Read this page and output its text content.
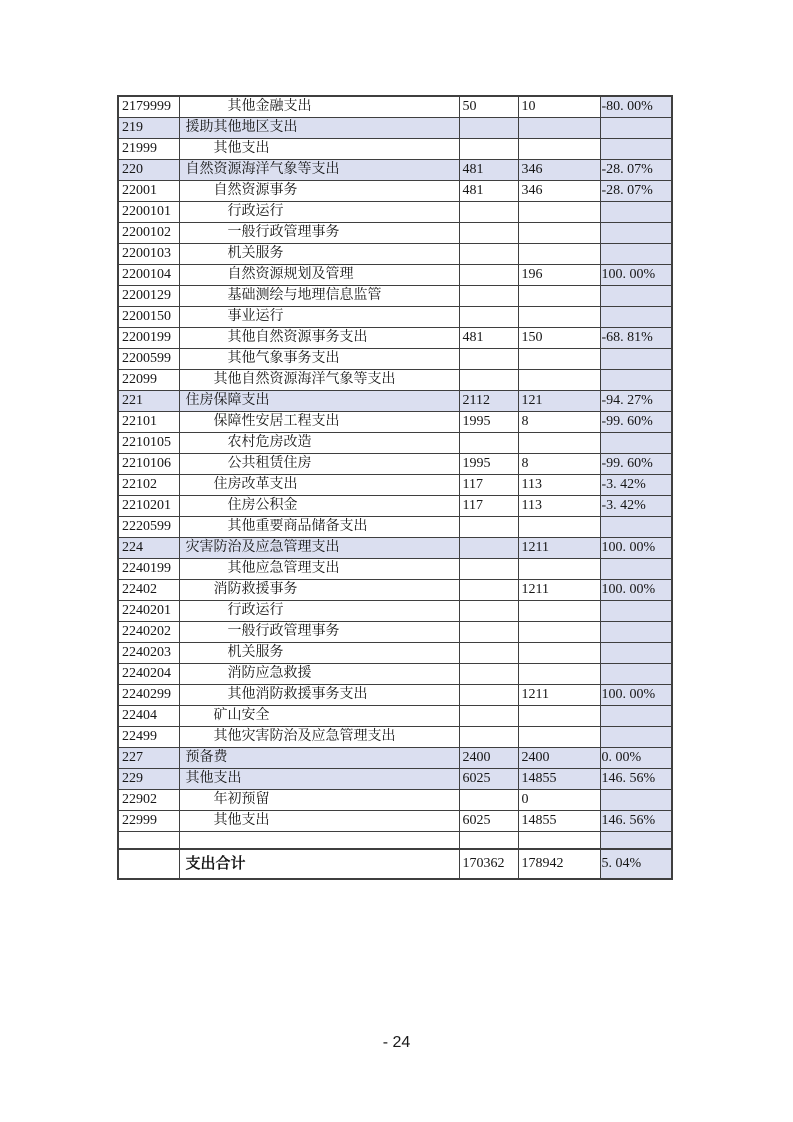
2179999	其他金融支出	50	10	-80. 00%
219	援助其他地区支出			
21999	其他支出			
220	自然资源海洋气象等支出	481	346	-28. 07%
22001	自然资源事务	481	346	-28. 07%
2200101	行政运行			
2200102	一般行政管理事务			
2200103	机关服务			
2200104	自然资源规划及管理		196	100. 00%
2200129	基础测绘与地理信息监管			
2200150	事业运行			
2200199	其他自然资源事务支出	481	150	-68. 81%
2200599	其他气象事务支出			
22099	其他自然资源海洋气象等支出			
221	住房保障支出	2112	121	-94. 27%
22101	保障性安居工程支出	1995	8	-99. 60%
2210105	农村危房改造			
2210106	公共租赁住房	1995	8	-99. 60%
22102	住房改革支出	117	113	-3. 42%
2210201	住房公积金	117	113	-3. 42%
2220599	其他重要商品储备支出			
224	灾害防治及应急管理支出		1211	100. 00%
2240199	其他应急管理支出			
22402	消防救援事务		1211	100. 00%
2240201	行政运行			
2240202	一般行政管理事务			
2240203	机关服务			
2240204	消防应急救援			
2240299	其他消防救援事务支出		1211	100. 00%
22404	矿山安全			
22499	其他灾害防治及应急管理支出			
227	预备费	2400	2400	0. 00%
229	其他支出	6025	14855	146. 56%
22902	年初预留		0	
22999	其他支出	6025	14855	146. 56%

	支出合计	170362	178942	5. 04%
- 24
